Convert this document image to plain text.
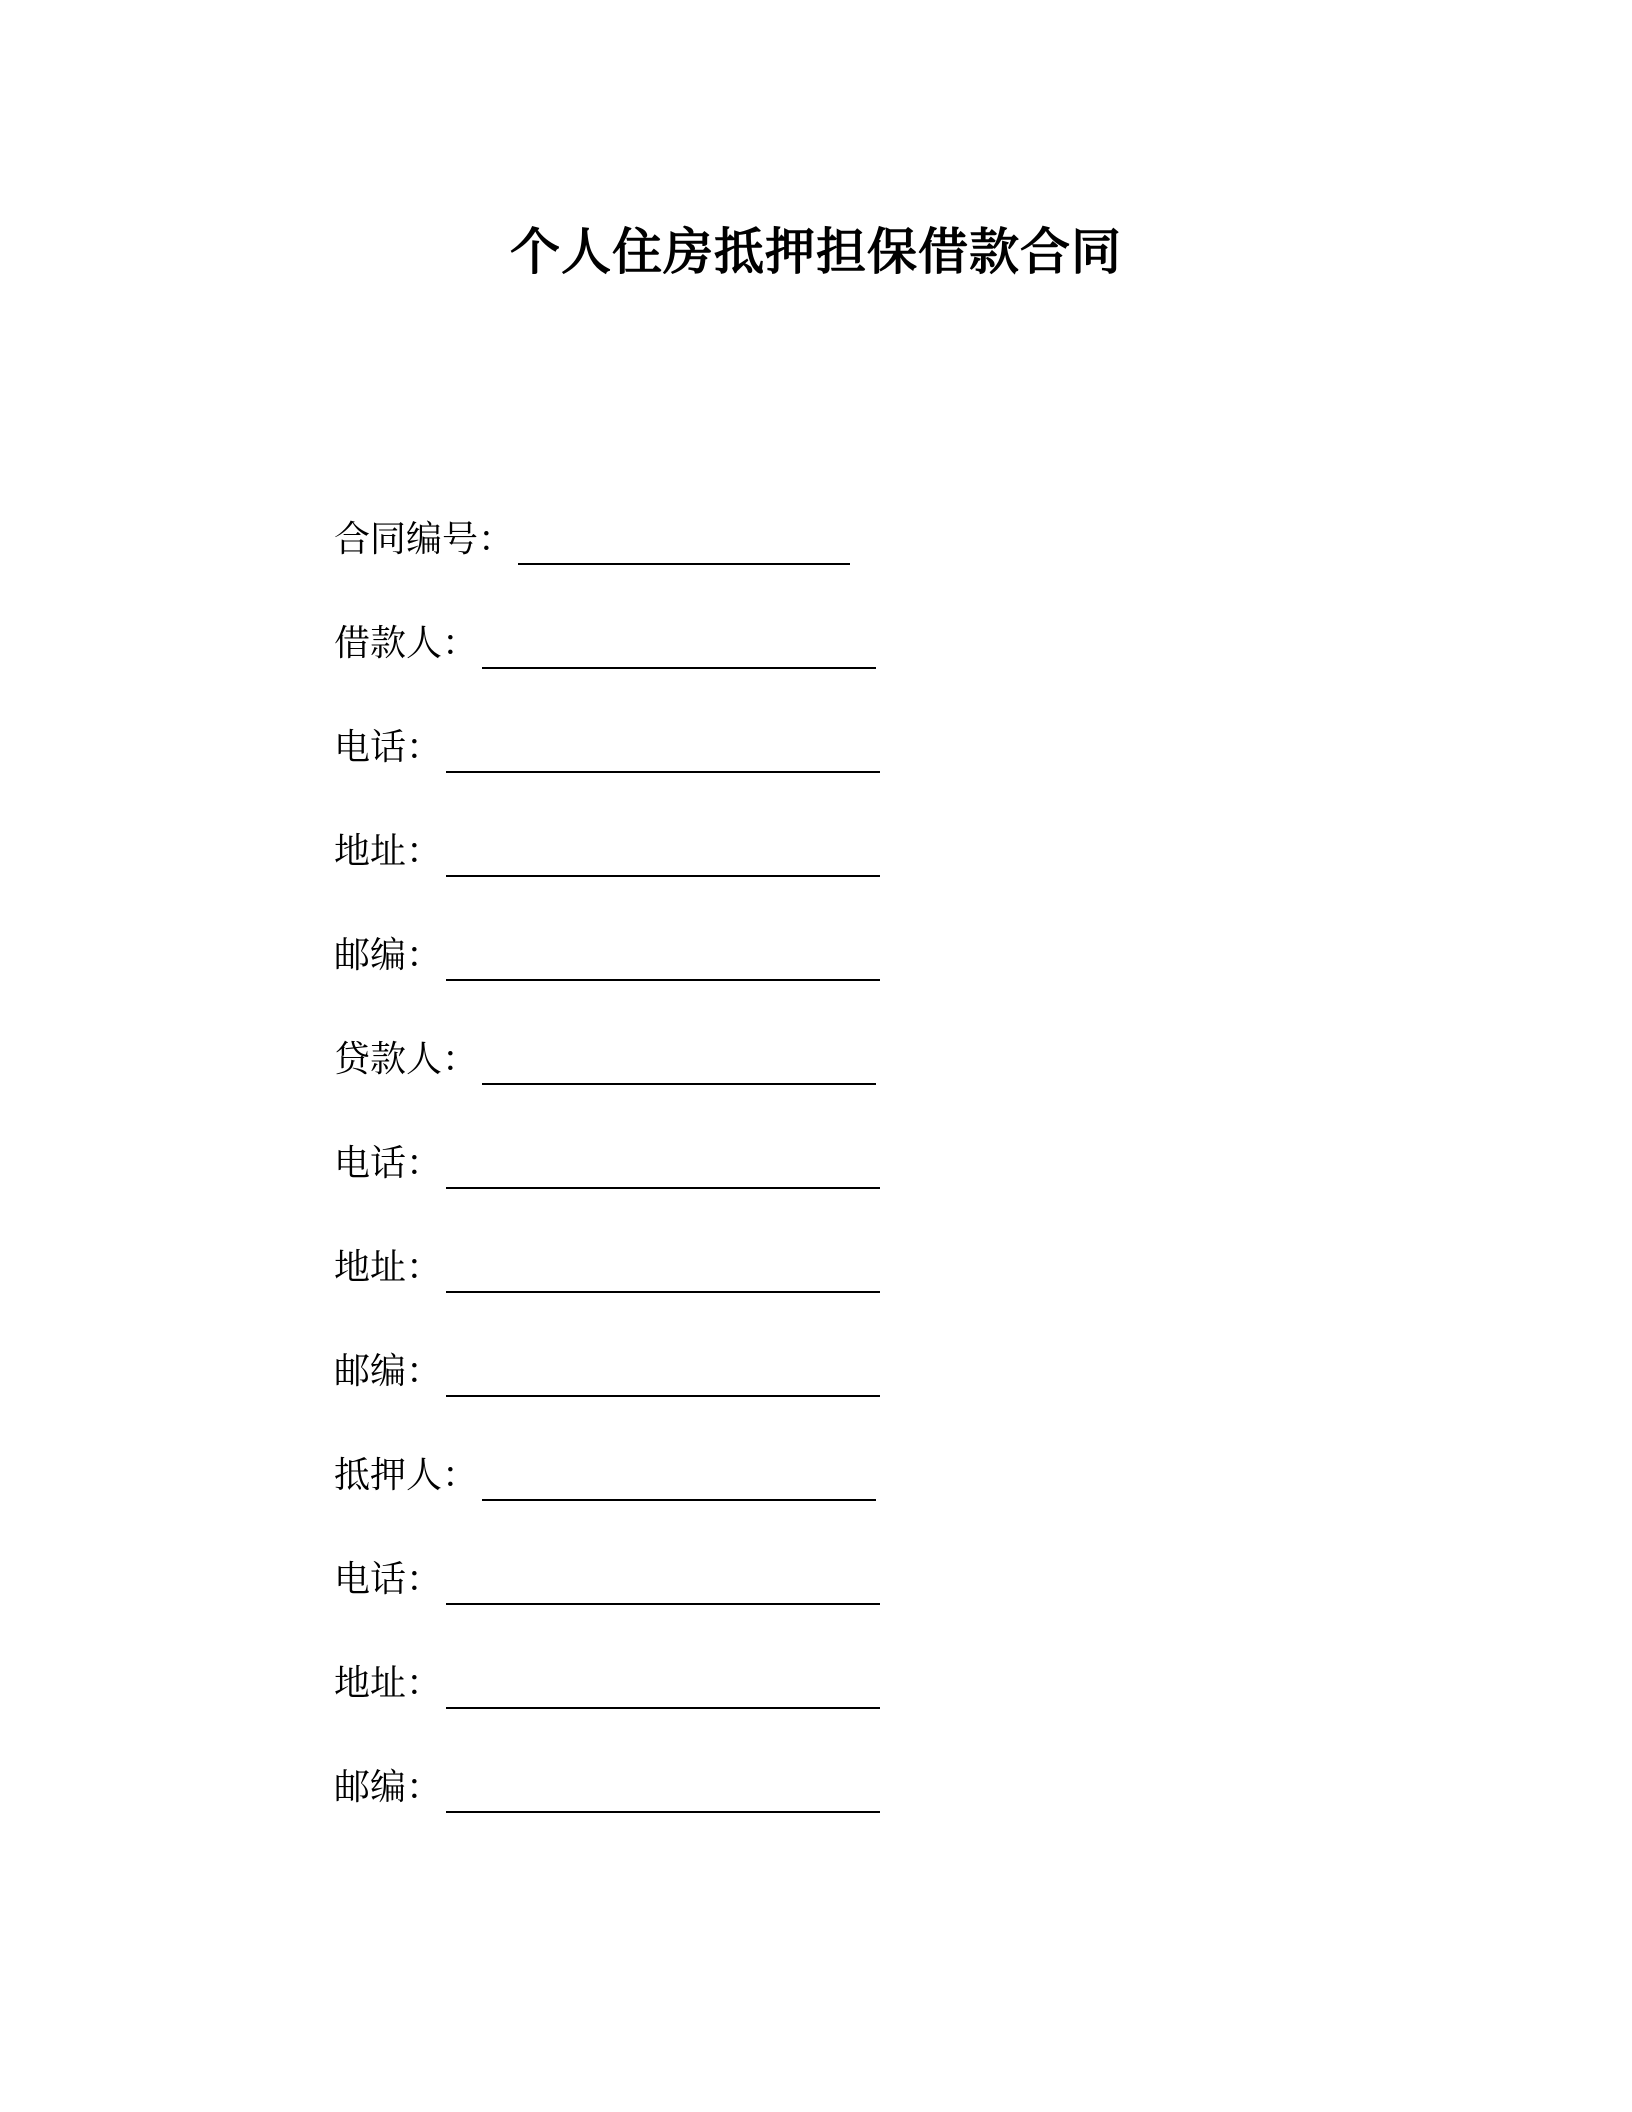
个人住房抵押担保借款合同
合同编号：
借款人：
电话：
地址：
邮编：
贷款人：
电话：
地址：
邮编：
抵押人：
电话：
地址：
邮编：
